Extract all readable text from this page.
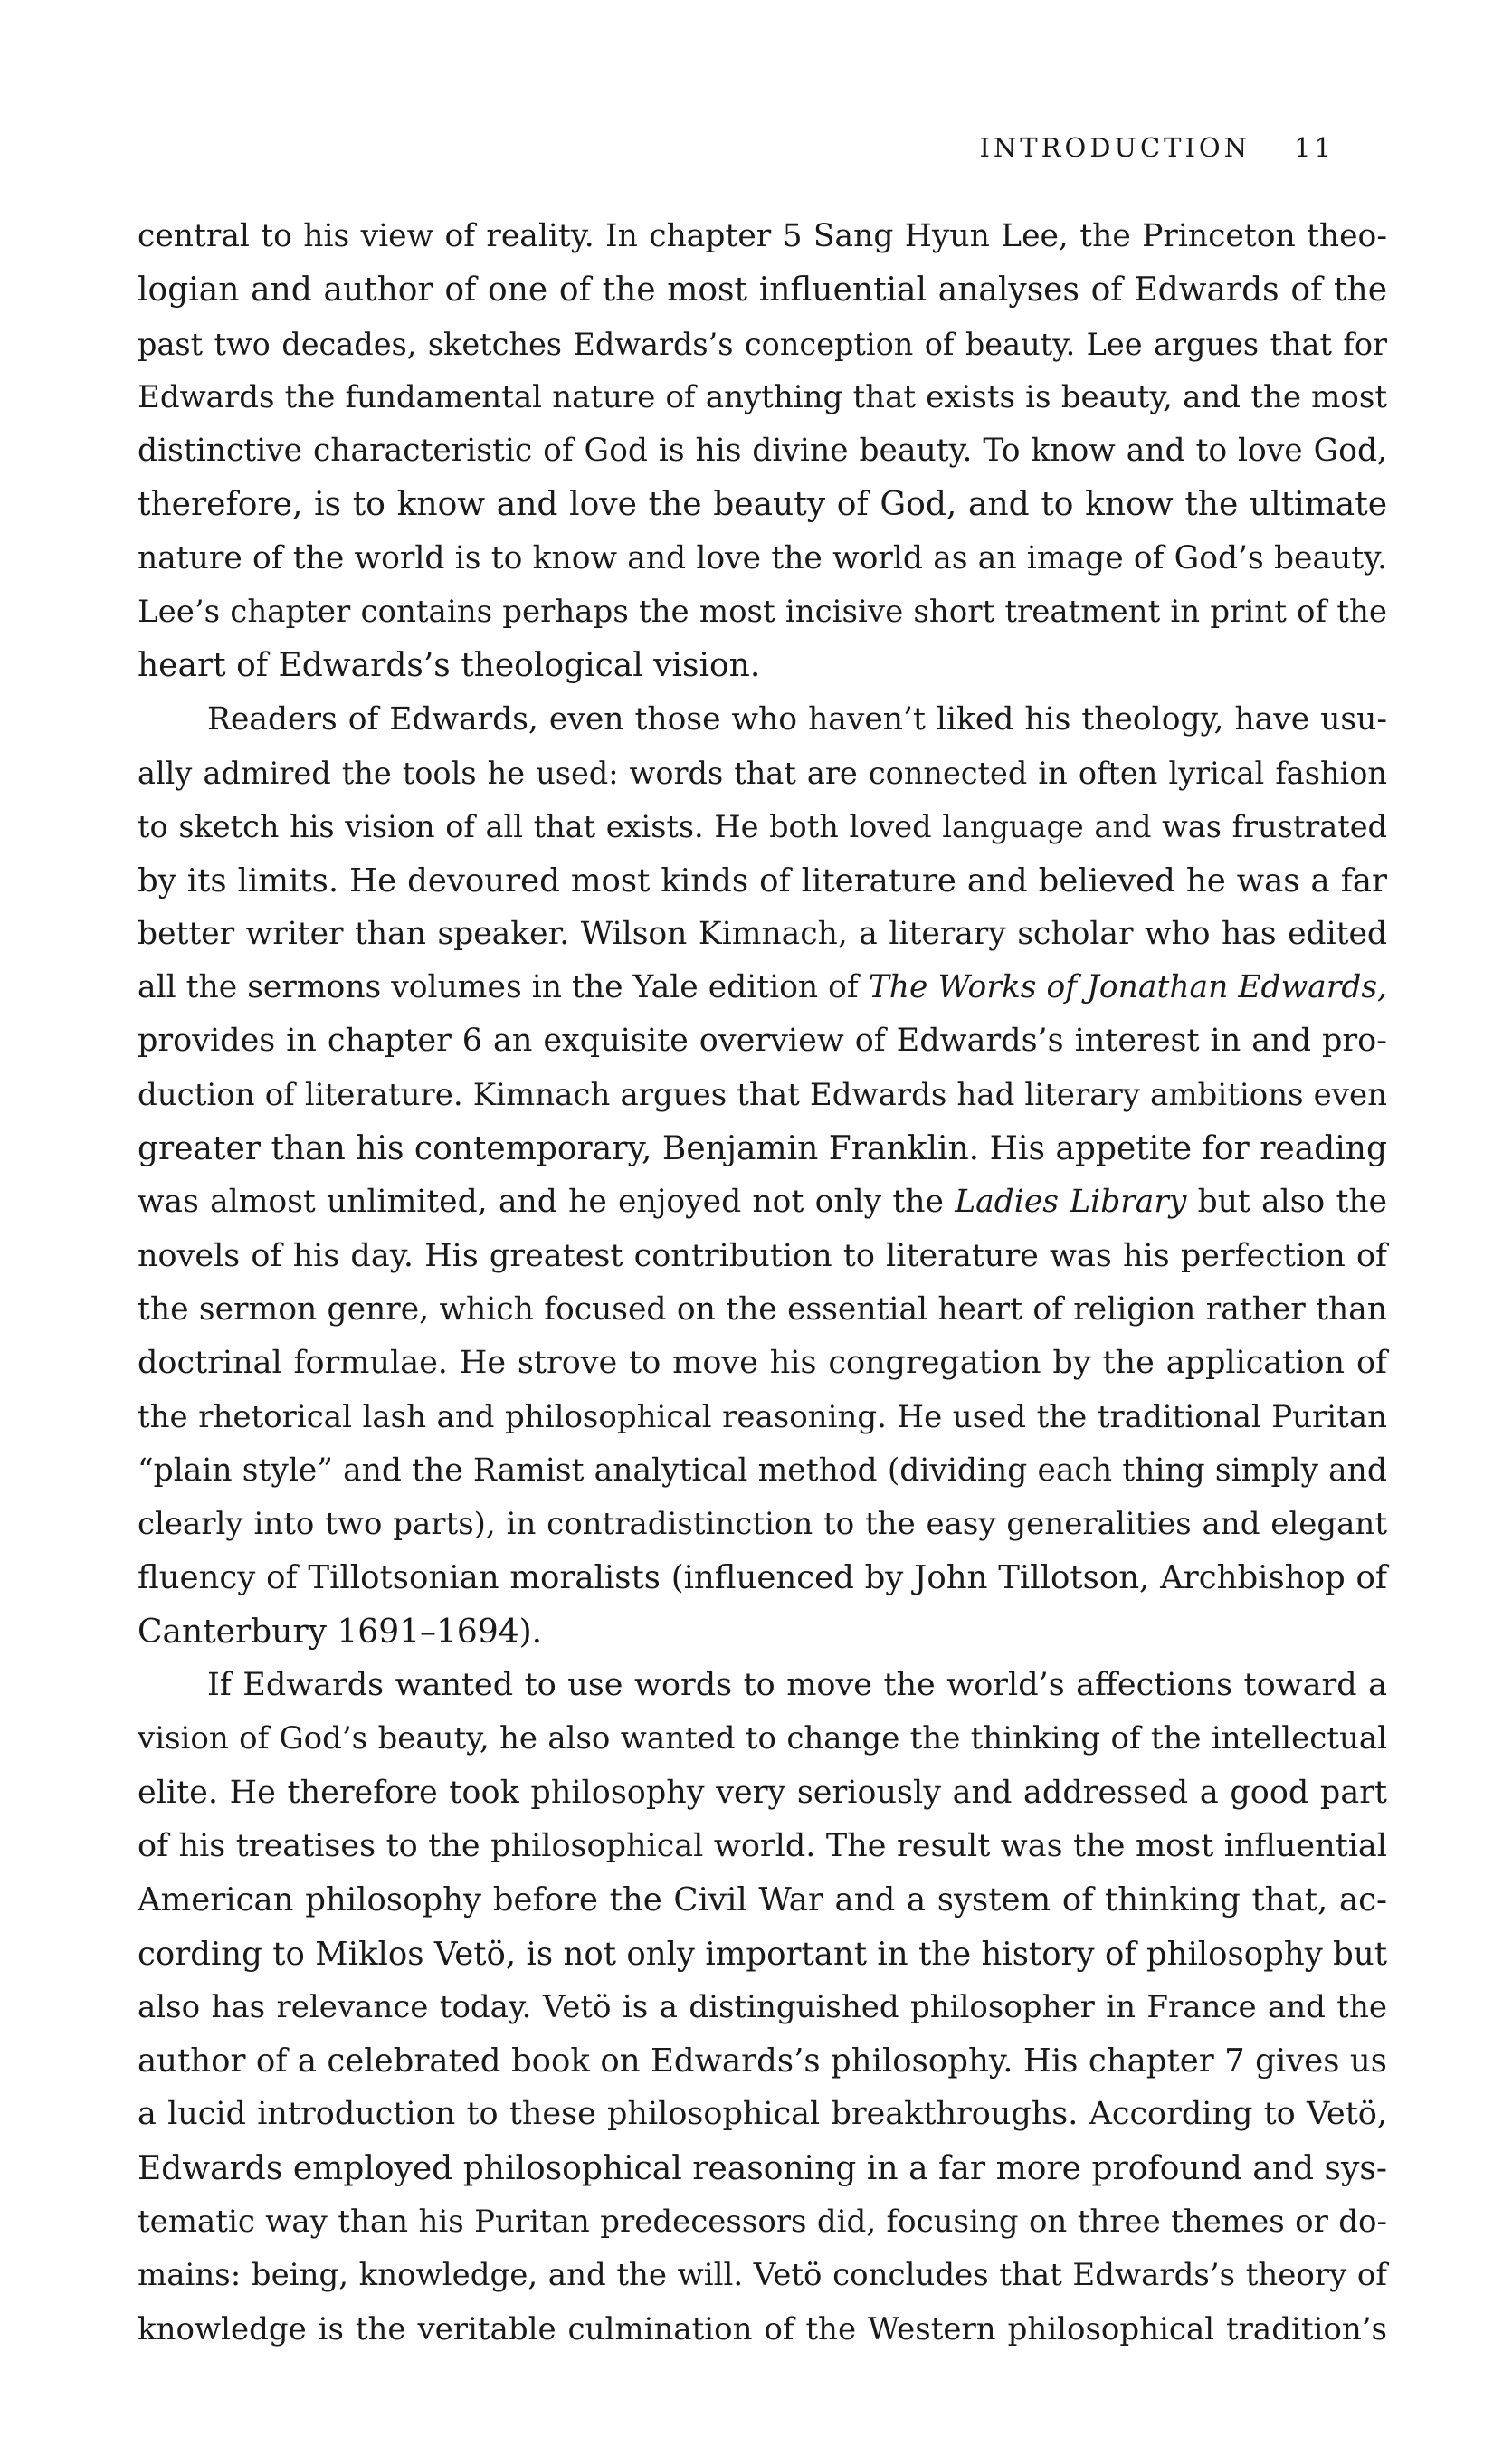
INTRODUCTION 11
central to his view of reality. In chapter 5 Sang Hyun Lee, the Princeton theo-
logian and author of one of the most influential analyses of Edwards of the
past two decades, sketches Edwards’s conception of beauty. Lee argues that for
Edwards the fundamental nature of anything that exists is beauty, and the most
distinctive characteristic of God is his divine beauty. To know and to love God,
therefore, is to know and love the beauty of God, and to know the ultimate
nature of the world is to know and love the world as an image of God’s beauty.
Lee’s chapter contains perhaps the most incisive short treatment in print of the
heart of Edwards’s theological vision.
Readers of Edwards, even those who haven’t liked his theology, have usu-
ally admired the tools he used: words that are connected in often lyrical fashion
to sketch his vision of all that exists. He both loved language and was frustrated
by its limits. He devoured most kinds of literature and believed he was a far
better writer than speaker. Wilson Kimnach, a literary scholar who has edited
all the sermons volumes in the Yale edition of The Works of Jonathan Edwards,
provides in chapter 6 an exquisite overview of Edwards’s interest in and pro-
duction of literature. Kimnach argues that Edwards had literary ambitions even
greater than his contemporary, Benjamin Franklin. His appetite for reading
was almost unlimited, and he enjoyed not only the Ladies Library but also the
novels of his day. His greatest contribution to literature was his perfection of
the sermon genre, which focused on the essential heart of religion rather than
doctrinal formulae. He strove to move his congregation by the application of
the rhetorical lash and philosophical reasoning. He used the traditional Puritan
“plain style” and the Ramist analytical method (dividing each thing simply and
clearly into two parts), in contradistinction to the easy generalities and elegant
fluency of Tillotsonian moralists (influenced by John Tillotson, Archbishop of
Canterbury 1691–1694).
If Edwards wanted to use words to move the world’s affections toward a
vision of God’s beauty, he also wanted to change the thinking of the intellectual
elite. He therefore took philosophy very seriously and addressed a good part
of his treatises to the philosophical world. The result was the most influential
American philosophy before the Civil War and a system of thinking that, ac-
cording to Miklos Vetö, is not only important in the history of philosophy but
also has relevance today. Vetö is a distinguished philosopher in France and the
author of a celebrated book on Edwards’s philosophy. His chapter 7 gives us
a lucid introduction to these philosophical breakthroughs. According to Vetö,
Edwards employed philosophical reasoning in a far more profound and sys-
tematic way than his Puritan predecessors did, focusing on three themes or do-
mains: being, knowledge, and the will. Vetö concludes that Edwards’s theory of
knowledge is the veritable culmination of the Western philosophical tradition’s
